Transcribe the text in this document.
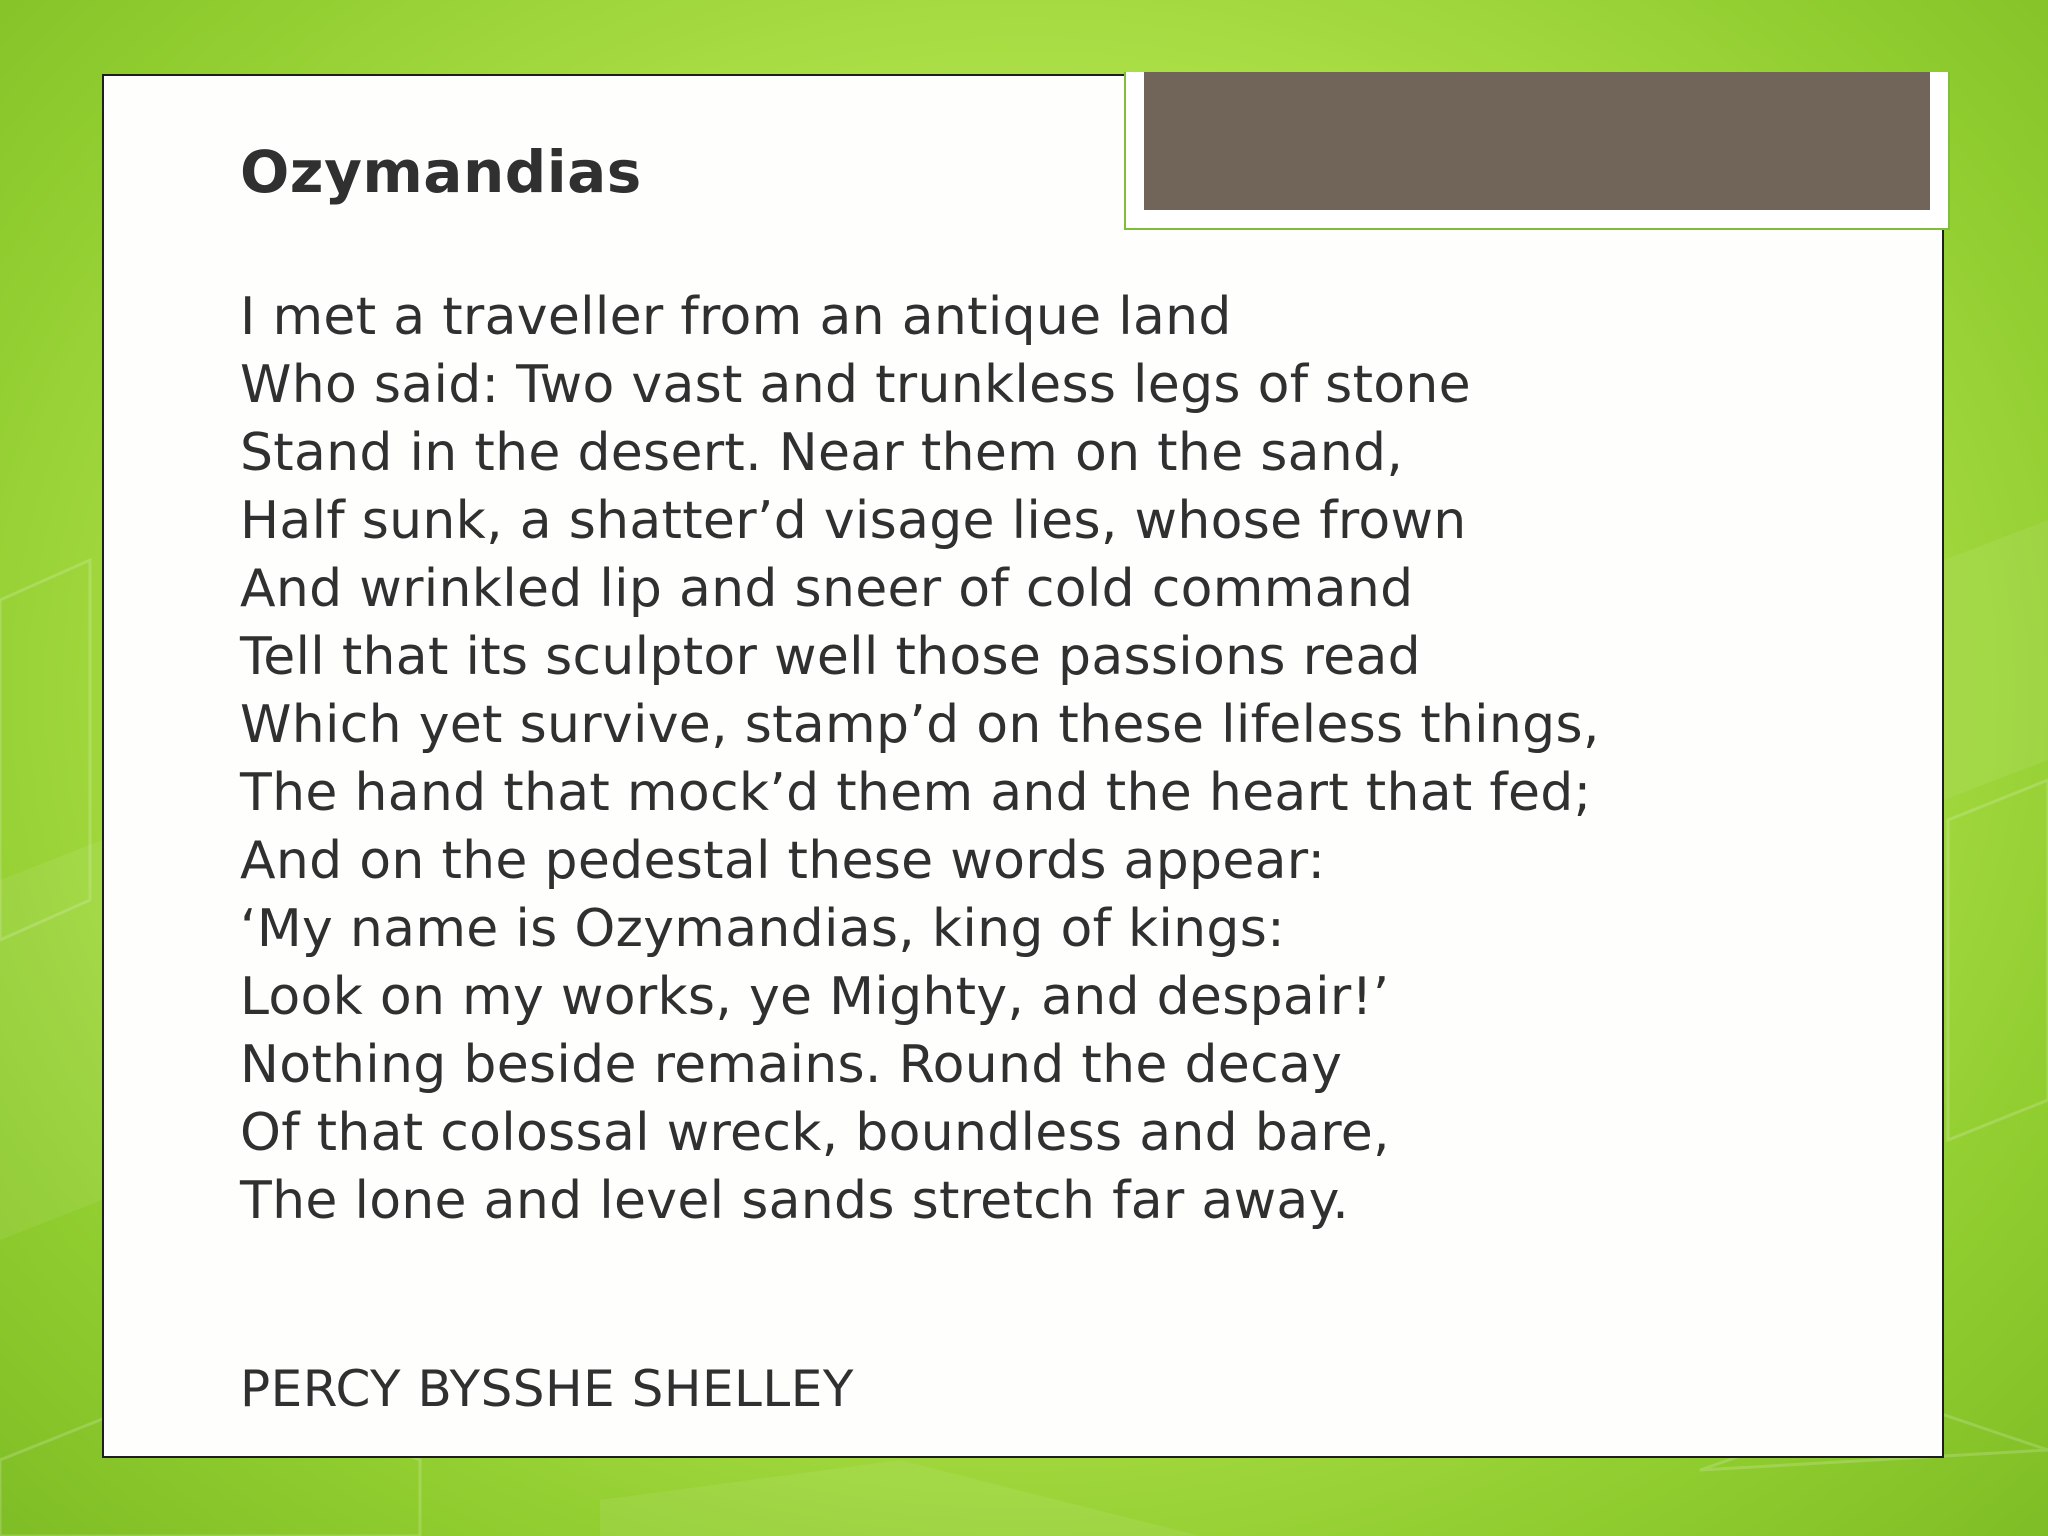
Ozymandias
I met a traveller from an antique land
Who said: Two vast and trunkless legs of stone
Stand in the desert. Near them on the sand,
Half sunk, a shatter’d visage lies, whose frown
And wrinkled lip and sneer of cold command
Tell that its sculptor well those passions read
Which yet survive, stamp’d on these lifeless things,
The hand that mock’d them and the heart that fed;
And on the pedestal these words appear:
‘My name is Ozymandias, king of kings:
Look on my works, ye Mighty, and despair!’
Nothing beside remains. Round the decay
Of that colossal wreck, boundless and bare,
The lone and level sands stretch far away.

PERCY BYSSHE SHELLEY
